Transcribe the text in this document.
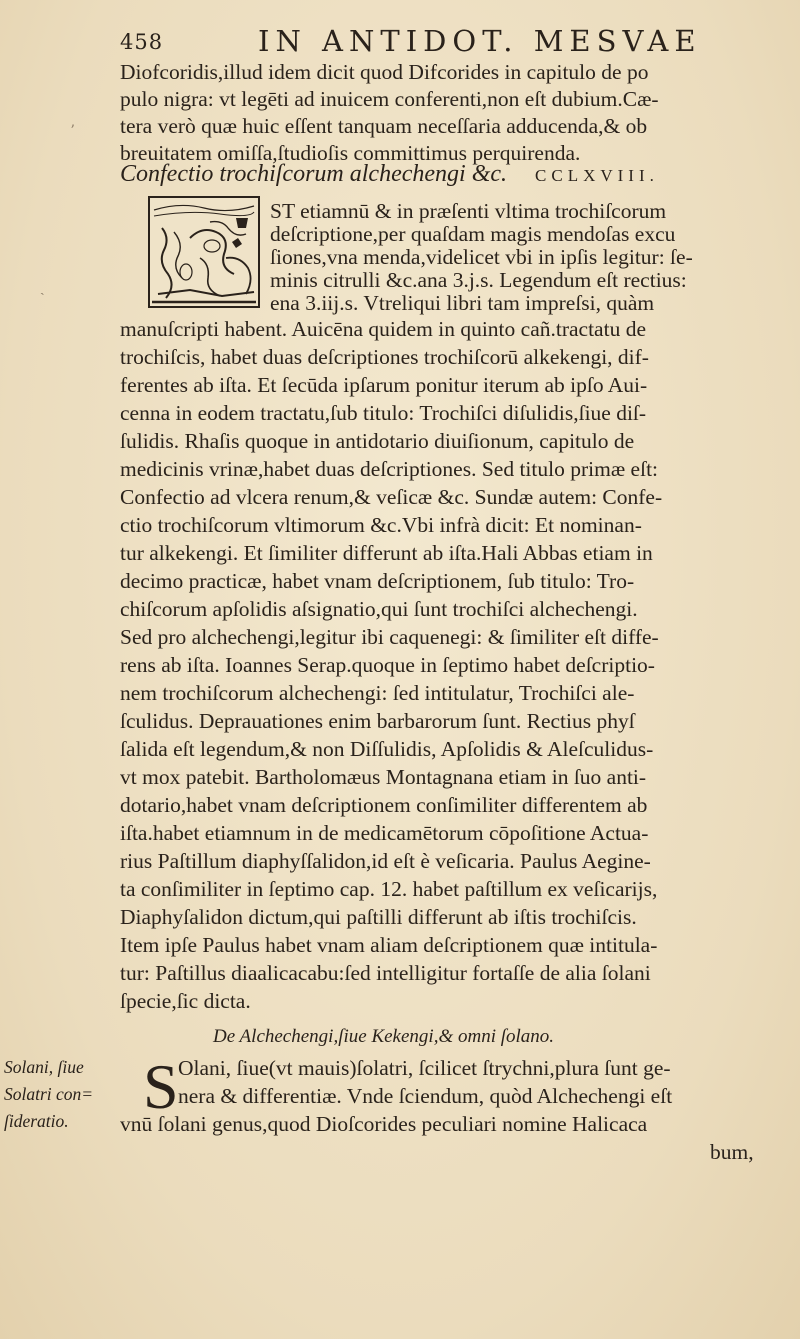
458	IN ANTIDOT. MESVAE
ʼ
ˎ
Diofcoridis,illud idem dicit quod Difcorides in capitulo de po
pulo nigra: vt legēti ad inuicem conferenti,non eſt dubium.Cæ-
tera verò quæ huic eſſent tanquam neceſſaria adducenda,& ob
breuitatem omiſſa,ſtudioſis committimus perquirenda.
Confectio trochiſcorum alchechengi &c. CCLXVIII.
ST etiamnū & in præſenti vltima trochiſcorum
deſcriptione,per quaſdam magis mendoſas excu
ſiones,vna menda,videlicet vbi in ipſis legitur: ſe-
minis citrulli &c.ana 3.j.s. Legendum eſt rectius:
ena 3.iij.s. Vtreliqui libri tam impreſsi, quàm
manuſcripti habent. Auicēna quidem in quinto cañ.tractatu de
trochiſcis, habet duas deſcriptiones trochiſcorū alkekengi, dif-
ferentes ab iſta. Et ſecūda ipſarum ponitur iterum ab ipſo Aui-
cenna in eodem tractatu,ſub titulo: Trochiſci diſulidis,ſiue diſ-
ſulidis. Rhaſis quoque in antidotario diuiſionum, capitulo de
medicinis vrinæ,habet duas deſcriptiones. Sed titulo primæ eſt:
Confectio ad vlcera renum,& veſicæ &c. Sundæ autem: Confe-
ctio trochiſcorum vltimorum &c.Vbi infrà dicit: Et nominan-
tur alkekengi. Et ſimiliter differunt ab iſta.Hali Abbas etiam in
decimo practicæ, habet vnam deſcriptionem, ſub titulo: Tro-
chiſcorum apſolidis aſsignatio,qui ſunt trochiſci alchechengi.
Sed pro alchechengi,legitur ibi caquenegi: & ſimiliter eſt diffe-
rens ab iſta. Ioannes Serap.quoque in ſeptimo habet deſcriptio-
nem trochiſcorum alchechengi: ſed intitulatur, Trochiſci ale-
ſculidus. Deprauationes enim barbarorum ſunt. Rectius phyſ
ſalida eſt legendum,& non Diſſulidis, Apſolidis & Aleſculidus-
vt mox patebit. Bartholomæus Montagnana etiam in ſuo anti-
dotario,habet vnam deſcriptionem conſimiliter differentem ab
iſta.habet etiamnum in de medicamētorum cōpoſitione Actua-
rius Paſtillum diaphyſſalidon,id eſt è veſicaria. Paulus Aegine-
ta conſimiliter in ſeptimo cap. 12. habet paſtillum ex veſicarijs,
Diaphyſalidon dictum,qui paſtilli differunt ab iſtis trochiſcis.
Item ipſe Paulus habet vnam aliam deſcriptionem quæ intitula-
tur: Paſtillus diaalicacabu:ſed intelligitur fortaſſe de alia ſolani
ſpecie,ſic dicta.
De Alchechengi,ſiue Kekengi,& omni ſolano.
Solani, ſiue
Solatri con=
ſideratio.	S Olani, ſiue(vt mauis)ſolatri, ſcilicet ſtrychni,plura ſunt ge-
nera & differentiæ. Vnde ſciendum, quòd Alchechengi eſt
vnū ſolani genus,quod Dioſcorides peculiari nomine Halicaca
bum,
